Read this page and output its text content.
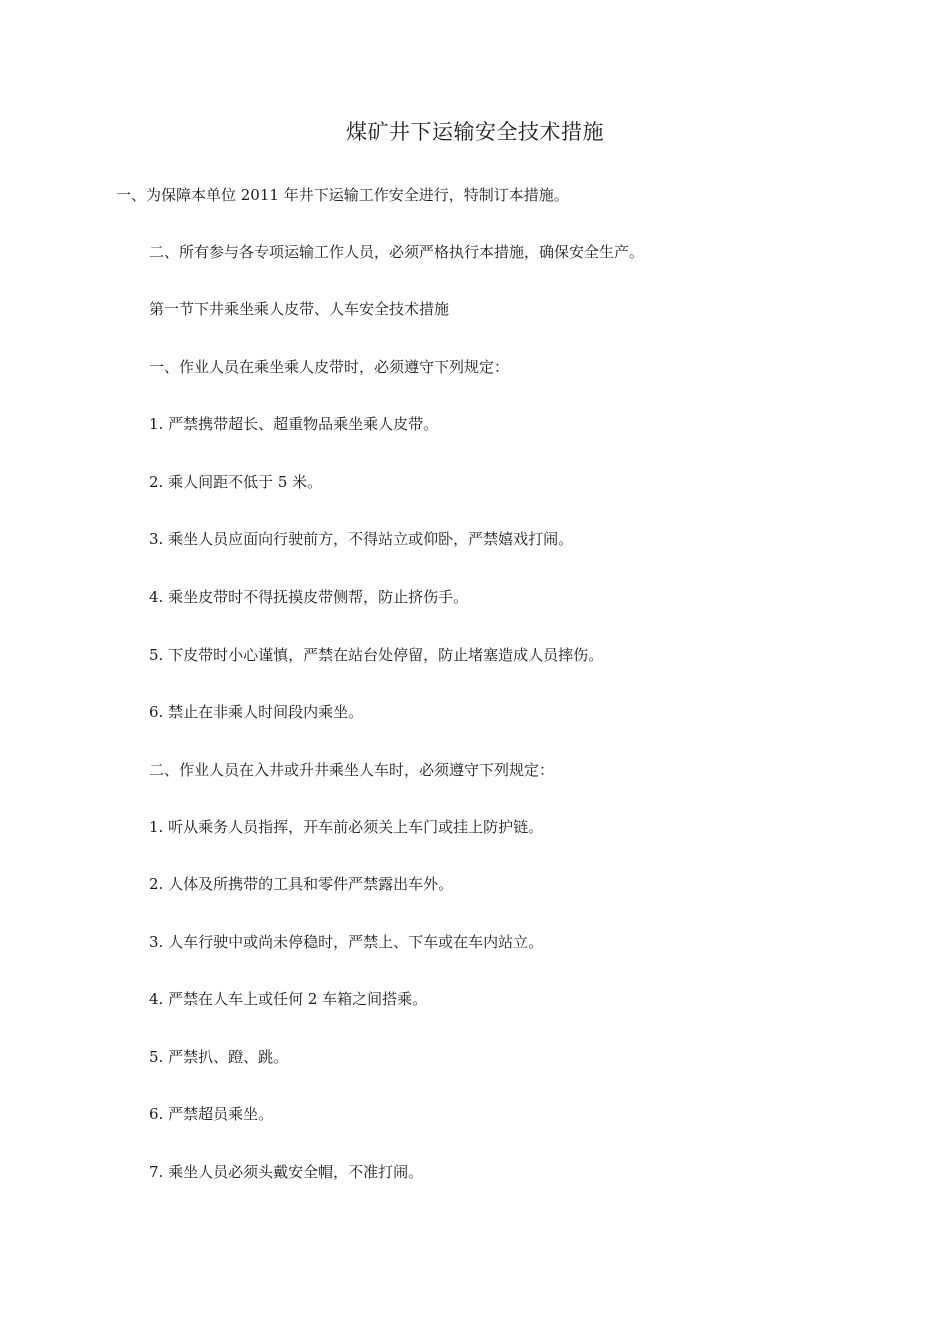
煤矿井下运输安全技术措施
一、为保障本单位 2011 年井下运输工作安全进行，特制订本措施。
二、所有参与各专项运输工作人员，必须严格执行本措施，确保安全生产。
第一节下井乘坐乘人皮带、人车安全技术措施
一、作业人员在乘坐乘人皮带时，必须遵守下列规定：
1. 严禁携带超长、超重物品乘坐乘人皮带。
2. 乘人间距不低于 5 米。
3. 乘坐人员应面向行驶前方，不得站立或仰卧，严禁嬉戏打闹。
4. 乘坐皮带时不得抚摸皮带侧帮，防止挤伤手。
5. 下皮带时小心谨慎，严禁在站台处停留，防止堵塞造成人员摔伤。
6. 禁止在非乘人时间段内乘坐。
二、作业人员在入井或升井乘坐人车时，必须遵守下列规定：
1. 听从乘务人员指挥，开车前必须关上车门或挂上防护链。
2. 人体及所携带的工具和零件严禁露出车外。
3. 人车行驶中或尚未停稳时，严禁上、下车或在车内站立。
4. 严禁在人车上或任何 2 车箱之间搭乘。
5. 严禁扒、蹬、跳。
6. 严禁超员乘坐。
7. 乘坐人员必须头戴安全帽，不准打闹。
